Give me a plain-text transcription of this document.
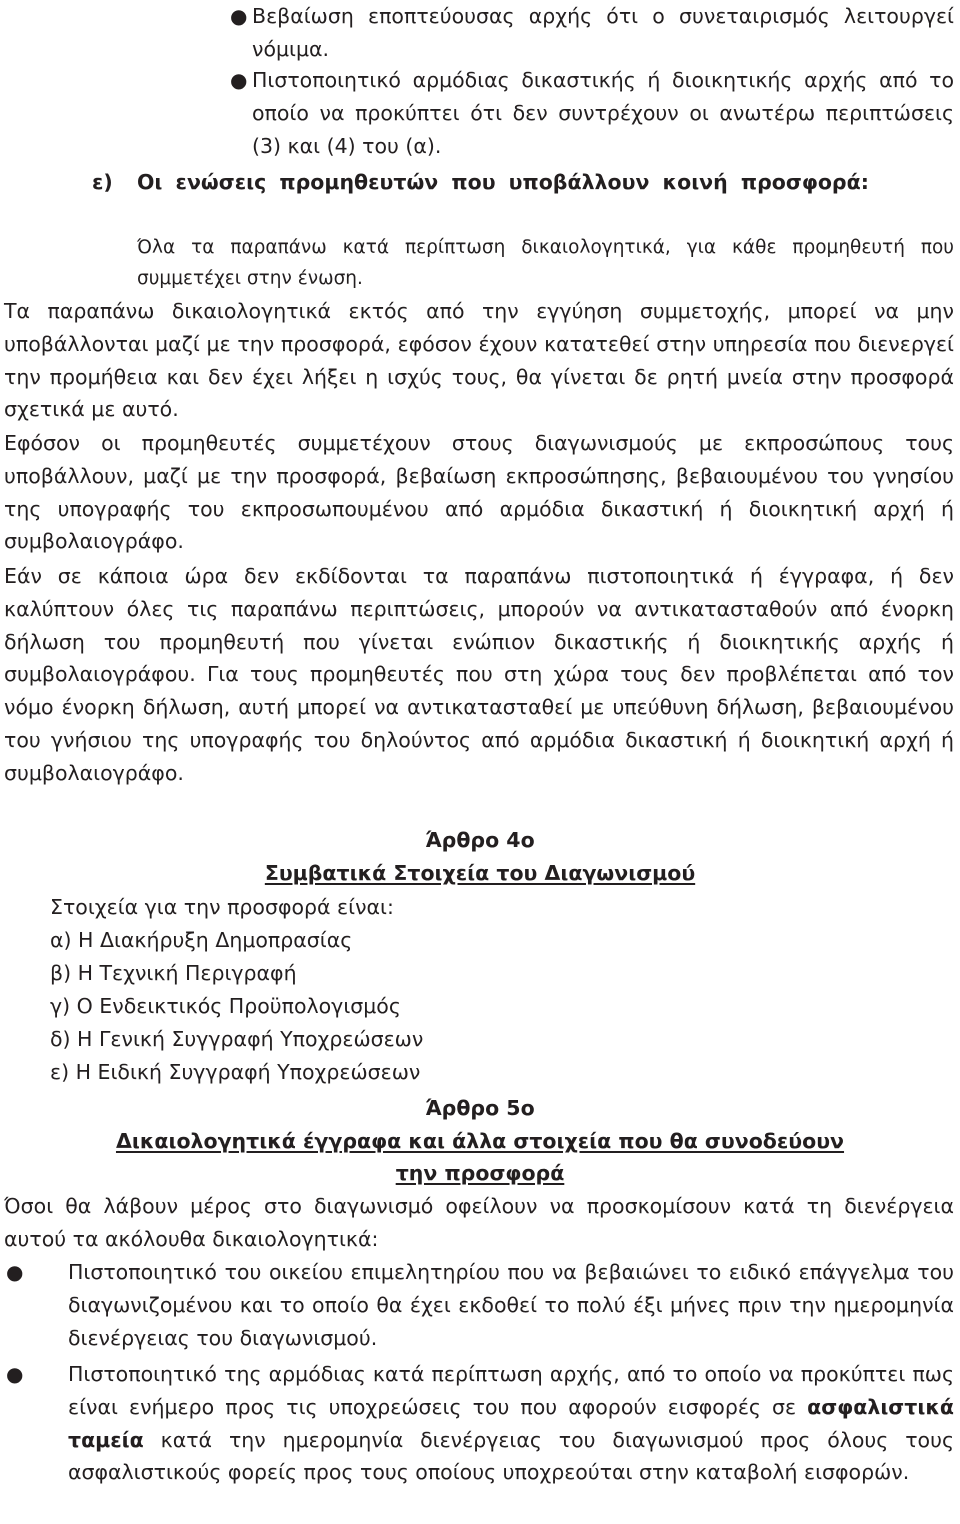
● Βεβαίωση εποπτεύουσας αρχής ότι ο συνεταιρισμός λειτουργεί νόμιμα.

● Πιστοποιητικό αρμόδιας δικαστικής ή διοικητικής αρχής από το οποίο να προκύπτει ότι δεν συντρέχουν οι ανωτέρω περιπτώσεις (3) και (4) του (α).

ε) Οι ενώσεις προμηθευτών που υποβάλλουν κοινή προσφορά:

Όλα τα παραπάνω κατά περίπτωση δικαιολογητικά, για κάθε προμηθευτή που συμμετέχει στην ένωση.

Τα παραπάνω δικαιολογητικά εκτός από την εγγύηση συμμετοχής, μπορεί να μην υποβάλλονται μαζί με την προσφορά, εφόσον έχουν κατατεθεί στην υπηρεσία που διενεργεί την προμήθεια και δεν έχει λήξει η ισχύς τους, θα γίνεται δε ρητή μνεία στην προσφορά σχετικά με αυτό.

Εφόσον οι προμηθευτές συμμετέχουν στους διαγωνισμούς με εκπροσώπους τους υποβάλλουν, μαζί με την προσφορά, βεβαίωση εκπροσώπησης, βεβαιουμένου του γνησίου της υπογραφής του εκπροσωπουμένου από αρμόδια δικαστική ή διοικητική αρχή ή συμβολαιογράφο.

Εάν σε κάποια ώρα δεν εκδίδονται τα παραπάνω πιστοποιητικά ή έγγραφα, ή δεν καλύπτουν όλες τις παραπάνω περιπτώσεις, μπορούν να αντικατασταθούν από ένορκη δήλωση του προμηθευτή που γίνεται ενώπιον δικαστικής ή διοικητικής αρχής ή συμβολαιογράφου. Για τους προμηθευτές που στη χώρα τους δεν προβλέπεται από τον νόμο ένορκη δήλωση, αυτή μπορεί να αντικατασταθεί με υπεύθυνη δήλωση, βεβαιουμένου του γνήσιου της υπογραφής του δηλούντος από αρμόδια δικαστική ή διοικητική αρχή ή συμβολαιογράφο.

Άρθρο 4ο
Συμβατικά Στοιχεία του Διαγωνισμού
Στοιχεία για την προσφορά είναι:
α) Η Διακήρυξη Δημοπρασίας
β) Η Τεχνική Περιγραφή
γ) Ο Ενδεικτικός Προϋπολογισμός
δ) Η Γενική Συγγραφή Υποχρεώσεων
ε) Η Ειδική Συγγραφή Υποχρεώσεων
Άρθρο 5ο
Δικαιολογητικά έγγραφα και άλλα στοιχεία που θα συνοδεύουν
την προσφορά

Όσοι θα λάβουν μέρος στο διαγωνισμό οφείλουν να προσκομίσουν κατά τη διενέργεια αυτού τα ακόλουθα δικαιολογητικά:

● Πιστοποιητικό του οικείου επιμελητηρίου που να βεβαιώνει το ειδικό επάγγελμα του διαγωνιζομένου και το οποίο θα έχει εκδοθεί το πολύ έξι μήνες πριν την ημερομηνία διενέργειας του διαγωνισμού.

● Πιστοποιητικό της αρμόδιας κατά περίπτωση αρχής, από το οποίο να προκύπτει πως είναι ενήμερο προς τις υποχρεώσεις του που αφορούν εισφορές σε ασφαλιστικά ταμεία κατά την ημερομηνία διενέργειας του διαγωνισμού προς όλους τους ασφαλιστικούς φορείς προς τους οποίους υποχρεούται στην καταβολή εισφορών.
